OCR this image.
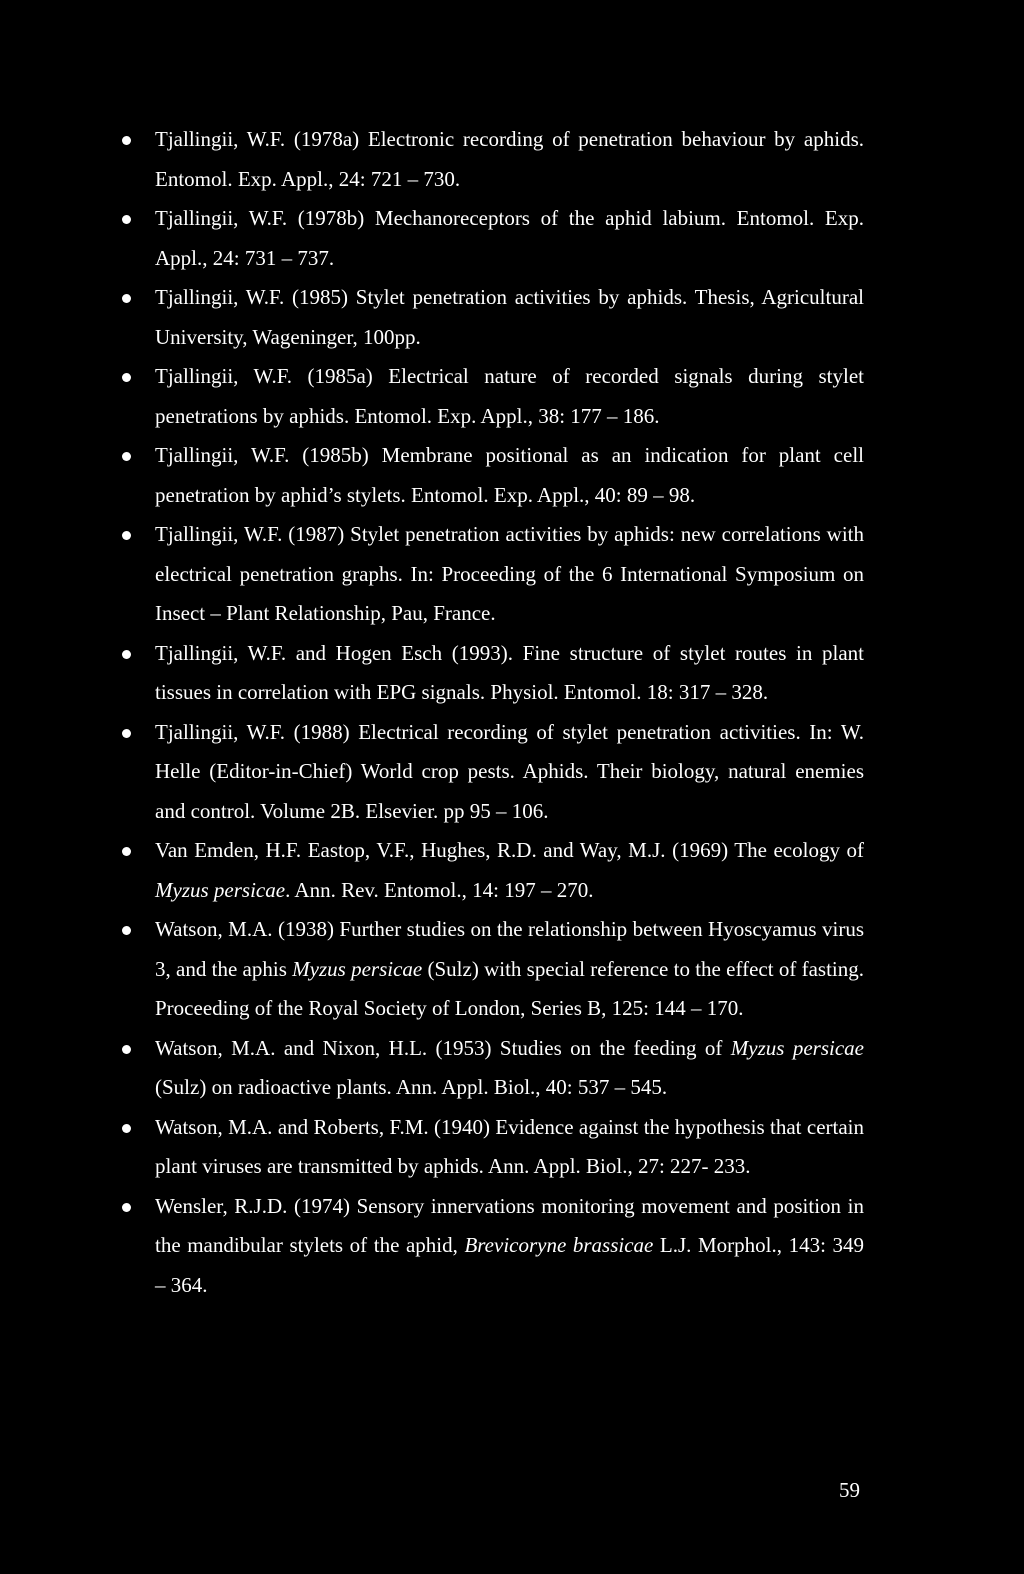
Tjallingii, W.F. (1978a) Electronic recording of penetration behaviour by aphids. Entomol. Exp. Appl., 24: 721 – 730.
Tjallingii, W.F. (1978b) Mechanoreceptors of the aphid labium. Entomol. Exp. Appl., 24: 731 – 737.
Tjallingii, W.F. (1985) Stylet penetration activities by aphids. Thesis, Agricultural University, Wageninger, 100pp.
Tjallingii, W.F. (1985a) Electrical nature of recorded signals during stylet penetrations by aphids. Entomol. Exp. Appl., 38: 177 – 186.
Tjallingii, W.F. (1985b) Membrane positional as an indication for plant cell penetration by aphid’s stylets. Entomol. Exp. Appl., 40: 89 – 98.
Tjallingii, W.F. (1987) Stylet penetration activities by aphids: new correlations with electrical penetration graphs. In: Proceeding of the 6 International Symposium on Insect – Plant Relationship, Pau, France.
Tjallingii, W.F. and Hogen Esch (1993). Fine structure of stylet routes in plant tissues in correlation with EPG signals. Physiol. Entomol. 18: 317 – 328.
Tjallingii, W.F. (1988) Electrical recording of stylet penetration activities. In: W. Helle (Editor-in-Chief) World crop pests. Aphids. Their biology, natural enemies and control. Volume 2B. Elsevier. pp 95 – 106.
Van Emden, H.F. Eastop, V.F., Hughes, R.D. and Way, M.J. (1969) The ecology of Myzus persicae. Ann. Rev. Entomol., 14: 197 – 270.
Watson, M.A. (1938) Further studies on the relationship between Hyoscyamus virus 3, and the aphis Myzus persicae (Sulz) with special reference to the effect of fasting. Proceeding of the Royal Society of London, Series B, 125: 144 – 170.
Watson, M.A. and Nixon, H.L. (1953) Studies on the feeding of Myzus persicae (Sulz) on radioactive plants. Ann. Appl. Biol., 40: 537 – 545.
Watson, M.A. and Roberts, F.M. (1940) Evidence against the hypothesis that certain plant viruses are transmitted by aphids. Ann. Appl. Biol., 27: 227- 233.
Wensler, R.J.D. (1974) Sensory innervations monitoring movement and position in the mandibular stylets of the aphid, Brevicoryne brassicae L.J. Morphol., 143: 349 – 364.
59
